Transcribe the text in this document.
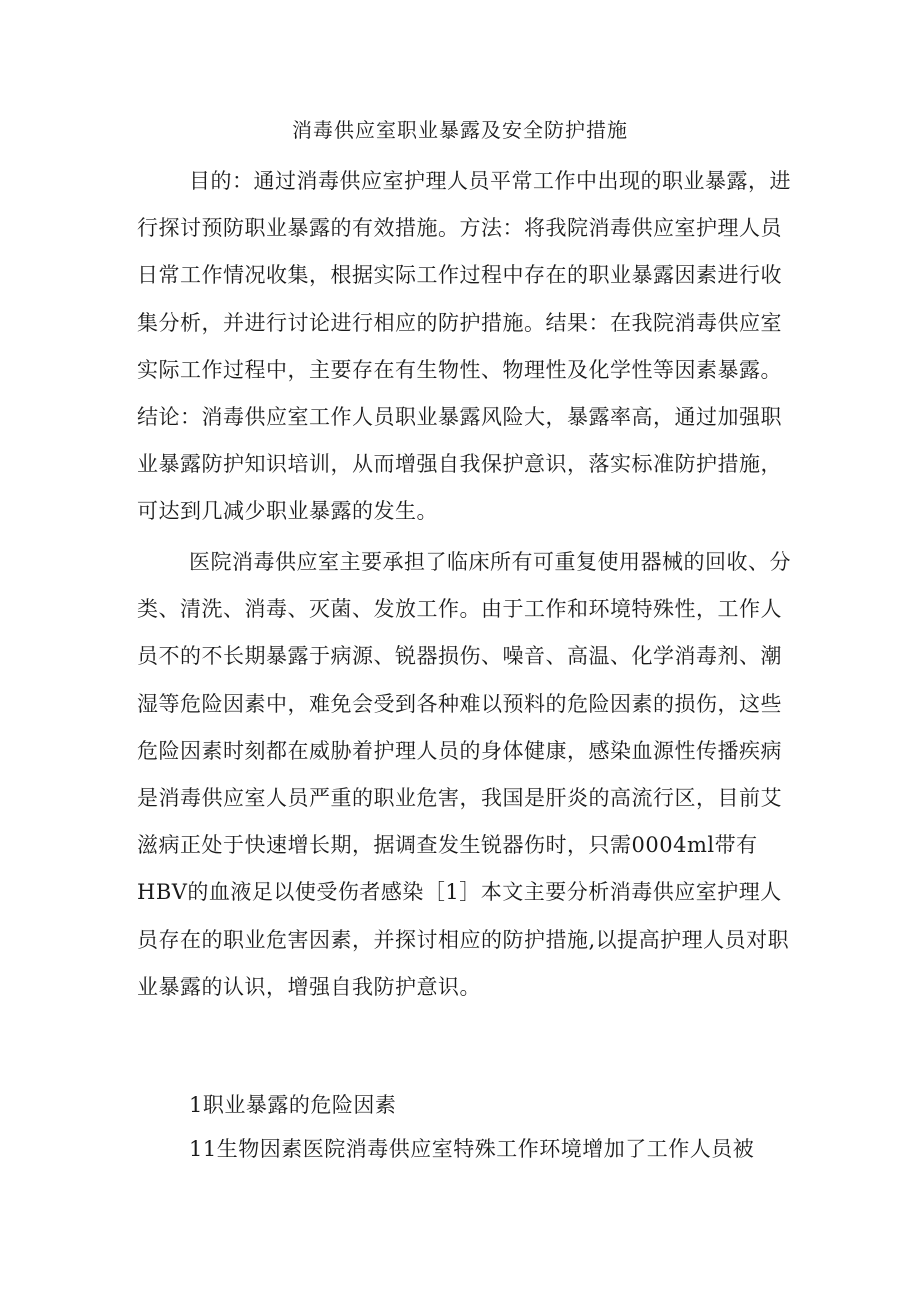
消毒供应室职业暴露及安全防护措施

目的：通过消毒供应室护理人员平常工作中出现的职业暴露，进行探讨预防职业暴露的有效措施。方法：将我院消毒供应室护理人员日常工作情况收集，根据实际工作过程中存在的职业暴露因素进行收集分析，并进行讨论进行相应的防护措施。结果：在我院消毒供应室实际工作过程中，主要存在有生物性、物理性及化学性等因素暴露。结论：消毒供应室工作人员职业暴露风险大，暴露率高，通过加强职业暴露防护知识培训，从而增强自我保护意识，落实标准防护措施，可达到几减少职业暴露的发生。

医院消毒供应室主要承担了临床所有可重复使用器械的回收、分类、清洗、消毒、灭菌、发放工作。由于工作和环境特殊性，工作人员不的不长期暴露于病源、锐器损伤、噪音、高温、化学消毒剂、潮湿等危险因素中，难免会受到各种难以预料的危险因素的损伤，这些危险因素时刻都在威胁着护理人员的身体健康，感染血源性传播疾病是消毒供应室人员严重的职业危害，我国是肝炎的高流行区，目前艾滋病正处于快速增长期，据调查发生锐器伤时，只需0004ml带有HBV的血液足以使受伤者感染［1］本文主要分析消毒供应室护理人员存在的职业危害因素，并探讨相应的防护措施,以提高护理人员对职业暴露的认识，增强自我防护意识。

1职业暴露的危险因素

11生物因素医院消毒供应室特殊工作环境增加了工作人员被
